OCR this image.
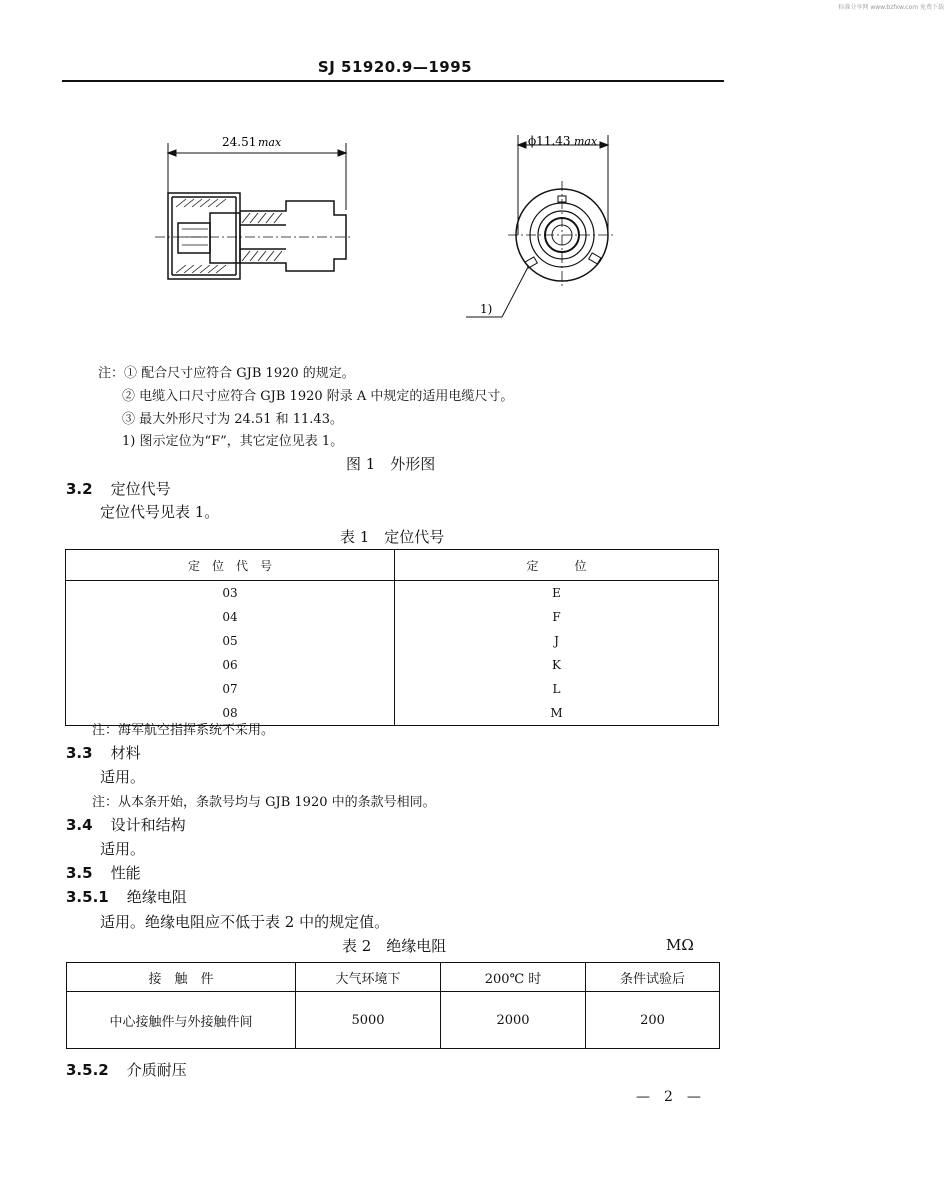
标准分享网 www.bzfxw.com 免费下载
SJ 51920.9—1995
24.51 max	ϕ11.43 max
1)
注：① 配合尺寸应符合 GJB 1920 的规定。
② 电缆入口尺寸应符合 GJB 1920 附录 A 中规定的适用电缆尺寸。
③ 最大外形尺寸为 24.51 和 11.43。
1) 图示定位为“F”，其它定位见表 1。
图 1　外形图
3.2 定位代号
定位代号见表 1。
表 1　定位代号
定　位　代　号	定　　　位
03	E
04	F
05	J
06	K
07	L
08	M
注：海军航空指挥系统不采用。
3.3 材料
适用。
注：从本条开始，条款号均与 GJB 1920 中的条款号相同。
3.4 设计和结构
适用。
3.5 性能
3.5.1 绝缘电阻
适用。绝缘电阻应不低于表 2 中的规定值。
表 2　绝缘电阻	MΩ
接　触　件	大气环境下	200℃ 时	条件试验后
中心接触件与外接触件间	5000	2000	200
3.5.2 介质耐压
—　2　—
